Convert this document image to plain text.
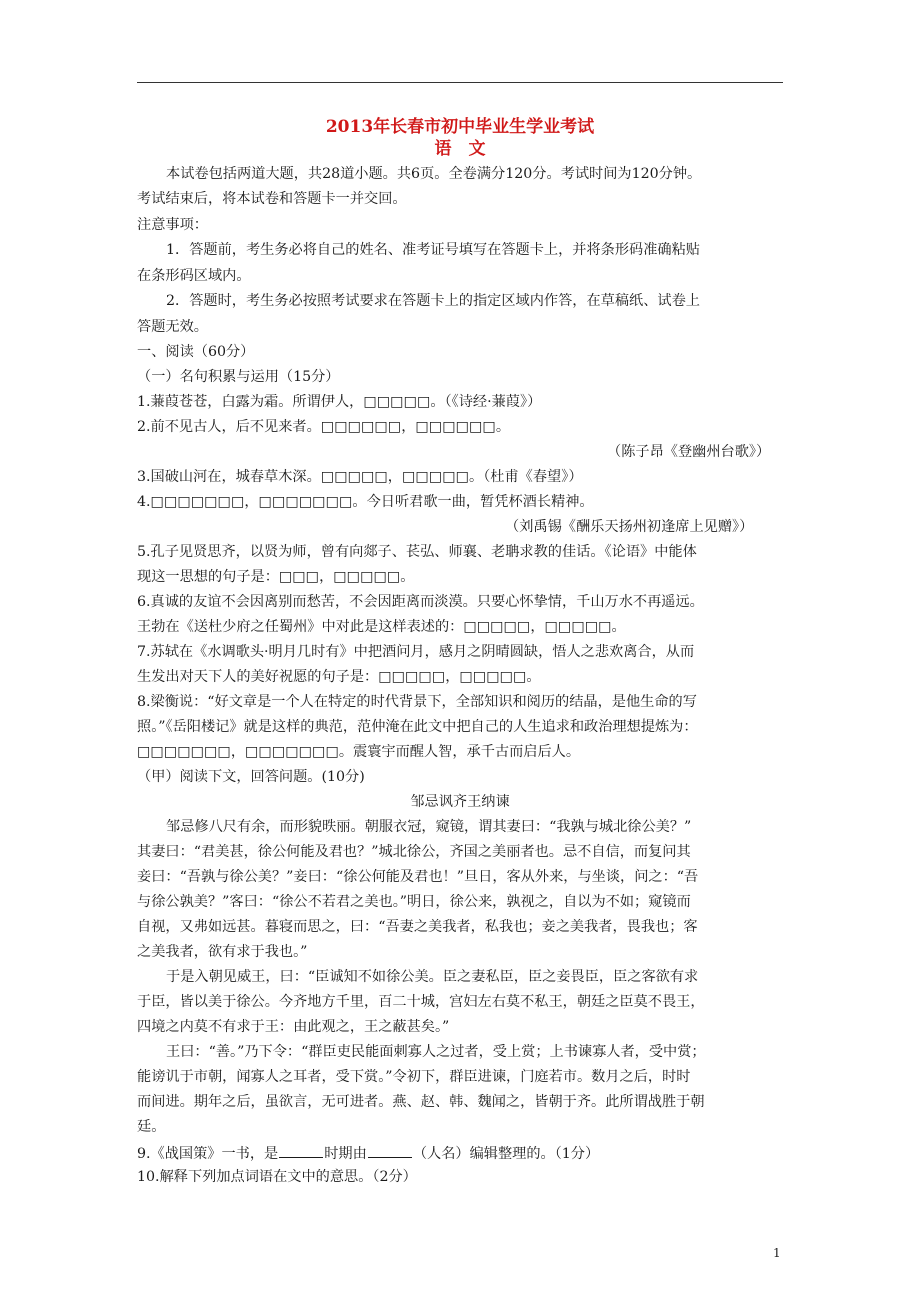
2013年长春市初中毕业生学业考试
语　文
本试卷包括两道大题，共28道小题。共6页。全卷满分120分。考试时间为120分钟。
考试结束后，将本试卷和答题卡一并交回。
注意事项：
1．答题前，考生务必将自己的姓名、准考证号填写在答题卡上，并将条形码准确粘贴
在条形码区域内。
2．答题时，考生务必按照考试要求在答题卡上的指定区域内作答，在草稿纸、试卷上
答题无效。
一、阅读（60分）
（一）名句积累与运用（15分）
1.蒹葭苍苍，白露为霜。所谓伊人，□□□□□。（《诗经·蒹葭》）
2.前不见古人，后不见来者。□□□□□□，□□□□□□。
（陈子昂《登幽州台歌》）
3.国破山河在，城春草木深。□□□□□，□□□□□。（杜甫《春望》）
4.□□□□□□□，□□□□□□□。今日听君歌一曲，暂凭杯酒长精神。
（刘禹锡《酬乐天扬州初逢席上见赠》）
5.孔子见贤思齐，以贤为师，曾有向郯子、苌弘、师襄、老聃求教的佳话。《论语》中能体
现这一思想的句子是：□□□，□□□□□。
6.真诚的友谊不会因离别而愁苦，不会因距离而淡漠。只要心怀挚情，千山万水不再遥远。
王勃在《送杜少府之任蜀州》中对此是这样表述的：□□□□□，□□□□□。
7.苏轼在《水调歌头·明月几时有》中把酒问月，感月之阴晴圆缺，悟人之悲欢离合，从而
生发出对天下人的美好祝愿的句子是：□□□□□，□□□□□。
8.梁衡说：“好文章是一个人在特定的时代背景下，全部知识和阅历的结晶，是他生命的写
照。”《岳阳楼记》就是这样的典范，范仲淹在此文中把自己的人生追求和政治理想提炼为：
□□□□□□□，□□□□□□□。震寰宇而醒人智，承千古而启后人。
（甲）阅读下文，回答问题。(10分)
邹忌讽齐王纳谏
邹忌修八尺有余，而形貌昳丽。朝服衣冠，窥镜，谓其妻曰：“我孰与城北徐公美？”
其妻曰：“君美甚，徐公何能及君也？”城北徐公，齐国之美丽者也。忌不自信，而复问其
妾曰：“吾孰与徐公美？”妾曰：“徐公何能及君也！”旦日，客从外来，与坐谈，问之：“吾
与徐公孰美？”客曰：“徐公不若君之美也。”明日，徐公来，孰视之，自以为不如；窥镜而
自视，又弗如远甚。暮寝而思之，曰：“吾妻之美我者，私我也；妾之美我者，畏我也；客
之美我者，欲有求于我也。”
于是入朝见威王，曰：“臣诚知不如徐公美。臣之妻私臣，臣之妾畏臣，臣之客欲有求
于臣，皆以美于徐公。今齐地方千里，百二十城，宫妇左右莫不私王，朝廷之臣莫不畏王，
四境之内莫不有求于王：由此观之，王之蔽甚矣。”
王曰：“善。”乃下令：“群臣吏民能面刺寡人之过者，受上赏；上书谏寡人者，受中赏；
能谤讥于市朝，闻寡人之耳者，受下赏。”令初下，群臣进谏，门庭若市。数月之后，时时
而间进。期年之后，虽欲言，无可进者。燕、赵、韩、魏闻之，皆朝于齐。此所谓战胜于朝
廷。
9.《战国策》一书，是	时期由	（人名）编辑整理的。（1分）
10.解释下列加点词语在文中的意思。（2分）
1
